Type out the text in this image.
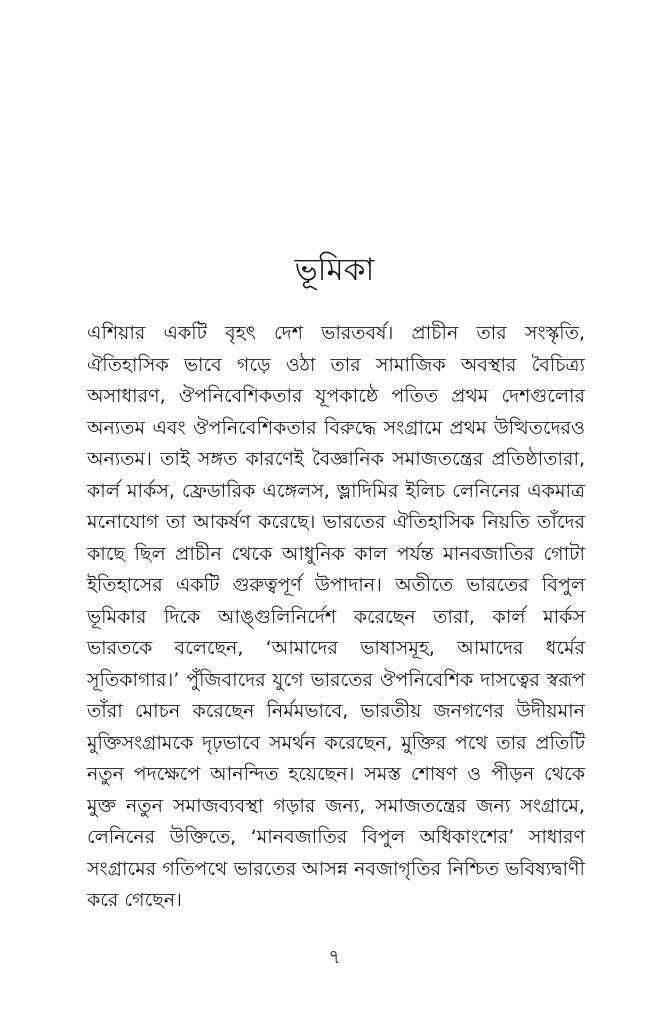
ভূমিকা

এশিয়ার একটি বৃহৎ দেশ ভারতবর্ষ। প্রাচীন তার সংস্কৃতি, ঐতিহাসিক ভাবে গড়ে ওঠা তার সামাজিক অবস্থার বৈচিত্র্য অসাধারণ, ঔপনিবেশিকতার যূপকাষ্ঠে পতিত প্রথম দেশগুলোর অন্যতম এবং ঔপনিবেশিকতার বিরুদ্ধে সংগ্রামে প্রথম উত্থিতদেরও অন্যতম। তাই সঙ্গত কারণেই বৈজ্ঞানিক সমাজতন্ত্রের প্রতিষ্ঠাতারা, কার্ল মার্কস, ফ্রেডারিক এঙ্গেলস, ভ্লাদিমির ইলিচ লেনিনের একমাত্র মনোযোগ তা আকর্ষণ করেছে। ভারতের ঐতিহাসিক নিয়তি তাঁদের কাছে ছিল প্রাচীন থেকে আধুনিক কাল পর্যন্ত মানবজাতির গোটা ইতিহাসের একটি গুরুত্বপূর্ণ উপাদান। অতীতে ভারতের বিপুল ভূমিকার দিকে আঙ্গুলিনির্দেশ করেছেন তারা, কার্ল মার্কস ভারতকে বলেছেন, ‘আমাদের ভাষাসমূহ, আমাদের ধর্মের সূতিকাগার।’ পুঁজিবাদের যুগে ভারতের ঔপনিবেশিক দাসত্বের স্বরূপ তাঁরা মোচন করেছেন নির্মমভাবে, ভারতীয় জনগণের উদীয়মান মুক্তিসংগ্রামকে দৃঢ়ভাবে সমর্থন করেছেন, মুক্তির পথে তার প্রতিটি নতুন পদক্ষেপে আনন্দিত হয়েছেন। সমস্ত শোষণ ও পীড়ন থেকে মুক্ত নতুন সমাজব্যবস্থা গড়ার জন্য, সমাজতন্ত্রের জন্য সংগ্রামে, লেনিনের উক্তিতে, ‘মানবজাতির বিপুল অধিকাংশের’ সাধারণ সংগ্রামের গতিপথে ভারতের আসন্ন নবজাগৃতির নিশ্চিত ভবিষ্যদ্বাণী করে গেছেন।

৭
